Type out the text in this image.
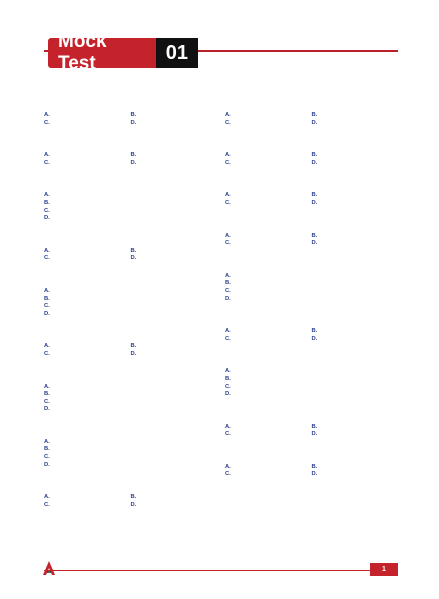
Mock Test	01
A.	B.
C.	D.
A.	B.
C.	D.
A.
B.
C.
D.
A.	B.
C.	D.
A.
B.
C.
D.
A.	B.
C.	D.
A.
B.
C.
D.
A.
B.
C.
D.
A.	B.
C.	D.
A.	B.
C.	D.
A.	B.
C.	D.
A.	B.
C.	D.
A.	B.
C.	D.
A.
B.
C.
D.
A.	B.
C.	D.
A.
B.
C.
D.
A.	B.
C.	D.
A.	B.
C.	D.
1
